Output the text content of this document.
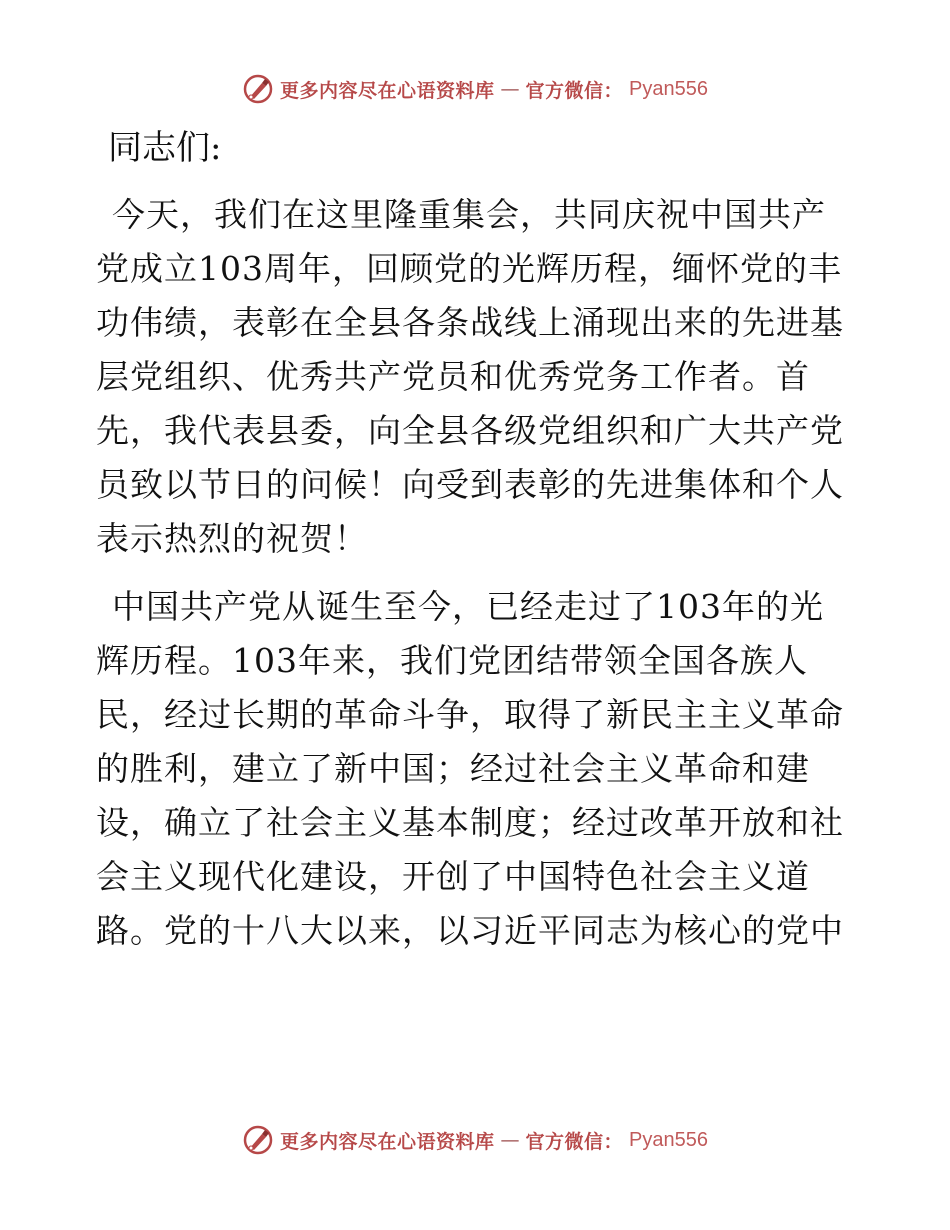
更多内容尽在心语资料库 — 官方微信： Pyan556
同志们:

今天，我们在这里隆重集会，共同庆祝中国共产
党成立103周年，回顾党的光辉历程，缅怀党的丰
功伟绩，表彰在全县各条战线上涌现出来的先进基
层党组织、优秀共产党员和优秀党务工作者。首
先，我代表县委，向全县各级党组织和广大共产党
员致以节日的问候！向受到表彰的先进集体和个人
表示热烈的祝贺！

中国共产党从诞生至今，已经走过了103年的光
辉历程。103年来，我们党团结带领全国各族人
民，经过长期的革命斗争，取得了新民主主义革命
的胜利，建立了新中国；经过社会主义革命和建
设，确立了社会主义基本制度；经过改革开放和社
会主义现代化建设，开创了中国特色社会主义道
路。党的十八大以来，以习近平同志为核心的党中

更多内容尽在心语资料库 — 官方微信： Pyan556
